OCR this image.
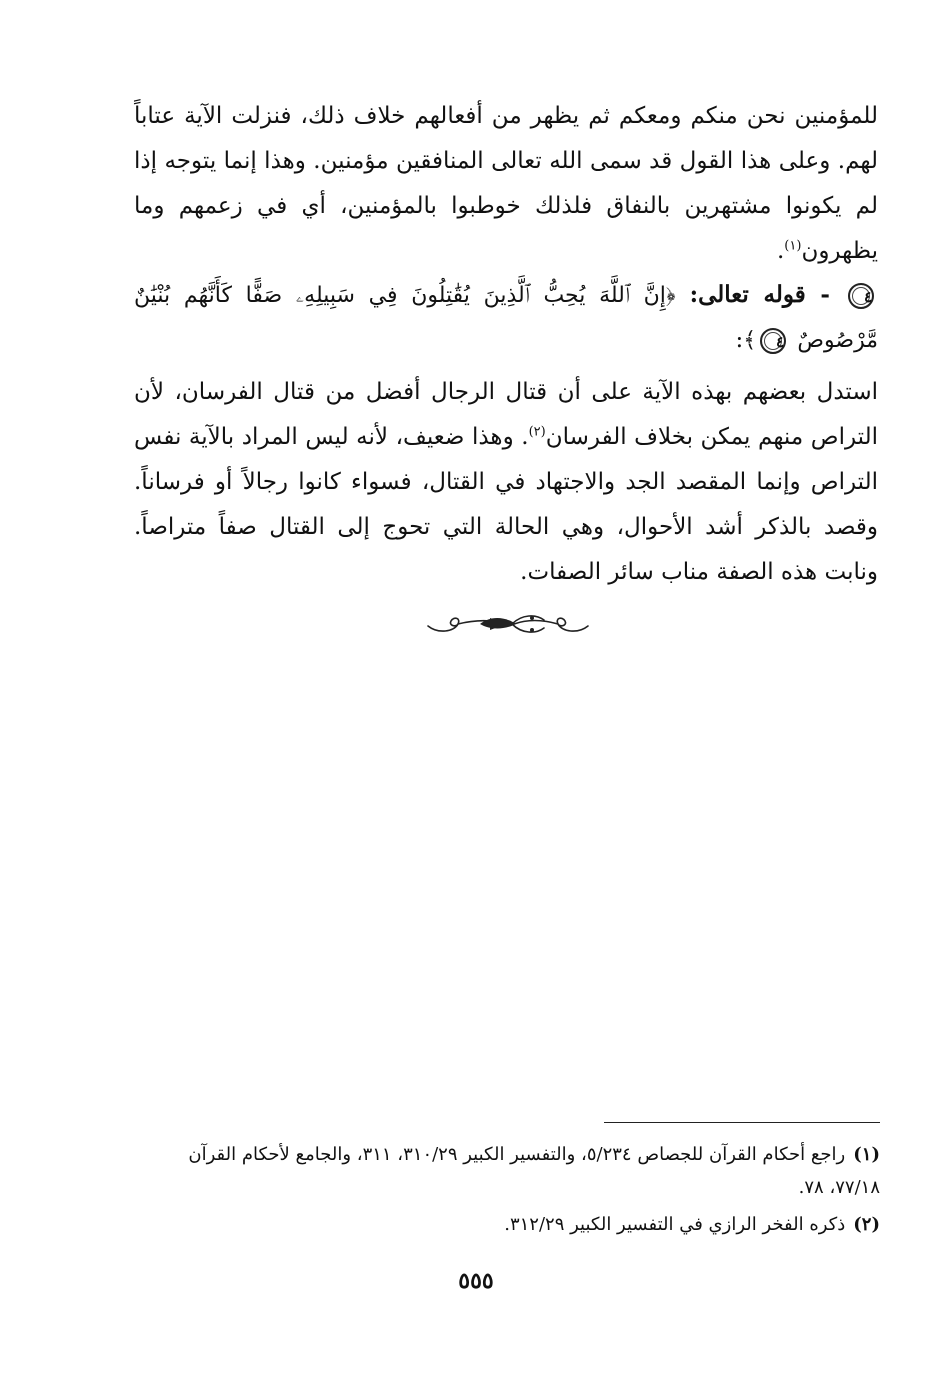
للمؤمنين نحن منكم ومعكم ثم يظهر من أفعالهم خلاف ذلك، فنزلت الآية عتاباً لهم. وعلى هذا القول قد سمى الله تعالى المنافقين مؤمنين. وهذا إنما يتوجه إذا لم يكونوا مشتهرين بالنفاق فلذلك خوطبوا بالمؤمنين، أي في زعمهم وما يظهرون$^{(١)}$.

٤ - قوله تعالى: ﴿إِنَّ ٱللَّهَ يُحِبُّ ٱلَّذِينَ يُقَٰتِلُونَ فِي سَبِيلِهِۦ صَفًّا كَأَنَّهُم بُنْيَٰنٌ مَّرْصُوصٌ ٤﴾:

استدل بعضهم بهذه الآية على أن قتال الرجال أفضل من قتال الفرسان، لأن التراص منهم يمكن بخلاف الفرسان$^{(٢)}$. وهذا ضعيف، لأنه ليس المراد بالآية نفس التراص وإنما المقصد الجد والاجتهاد في القتال، فسواء كانوا رجالاً أو فرساناً. وقصد بالذكر أشد الأحوال، وهي الحالة التي تحوج إلى القتال صفاً متراصاً. ونابت هذه الصفة مناب سائر الصفات.

(١)راجع أحكام القرآن للجصاص ٥/٢٣٤، والتفسير الكبير ٣١٠/٢٩، ٣١١، والجامع لأحكام القرآن ٧٧/١٨، ٧٨.
(٢)ذكره الفخر الرازي في التفسير الكبير ٣١٢/٢٩.
٥٥٥
